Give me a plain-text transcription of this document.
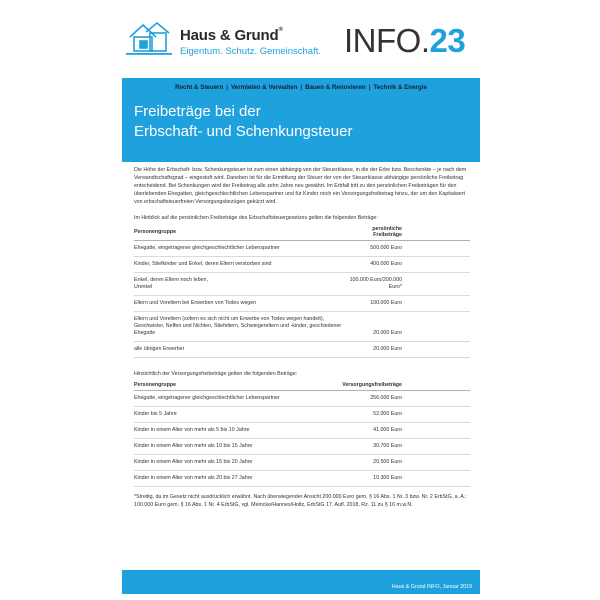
Haus & Grund®
Eigentum. Schutz. Gemeinschaft. INFO.23
Recht & Steuern | Vermieten & Verwalten | Bauen & Renovieren | Technik & Energie
Freibeträge bei der
Erbschaft- und Schenkungsteuer

Die Höhe der Erbschaft- bzw. Schenkungsteuer ist zum einen abhängig von der Steuerklasse, in die der Erbe bzw. Beschenkte – je nach dem Verwandtschaftsgrad – eingestuft wird. Daneben ist für die Ermittlung der Steuer der von der Steuerklasse abhängige persönliche Freibetrag entscheidend. Bei Schenkungen wird der Freibetrag alle zehn Jahre neu gewährt. Im Erbfall tritt zu den persönlichen Freibeträgen für den überlebenden Ehegatten, gleichgeschlechtlichen Lebenspartner und für Kinder noch ein Versorgungsfreibetrag hinzu, der um den Kapitalwert von erbschaftsteuerfreien Versorgungsbezügen gekürzt wird.

Im Hinblick auf die persönlichen Freibeträge des Erbschaftsteuergesetzes gelten die folgenden Beträge:

Personengruppe	persönliche Freibeträge
Ehegatte, eingetragener gleichgeschlechtlicher Lebenspartner	500.000 Euro
Kinder, Stiefkinder und Enkel, deren Eltern verstorben sind	400.000 Euro
Enkel, deren Eltern noch leben,
Urenkel	100.000 Euro/200.000 Euro*
Eltern und Voreltern bei Erwerben von Todes wegen	100.000 Euro
Eltern und Voreltern (sofern es sich nicht um Erwerbe von Todes wegen handelt), Geschwister, Neffen und Nichten, Stiefeltern, Schwiegereltern und -kinder, geschiedener Ehegatte	20.000 Euro
alle übrigen Erwerber	20.000 Euro

Hinsichtlich der Versorgungsfreibeträge gelten die folgenden Beträge:

Personengruppe	Versorgungsfreibeträge
Ehegatte, eingetragener gleichgeschlechtlicher Lebenspartner	256.000 Euro
Kinder bis 5 Jahre	52.000 Euro
Kinder in einem Alter von mehr als 5 bis 10 Jahre	41.000 Euro
Kinder in einem Alter von mehr als 10 bis 15 Jahre	30.700 Euro
Kinder in einem Alter von mehr als 15 bis 20 Jahre	20.500 Euro
Kinder in einem Alter von mehr als 20 bis 27 Jahre	10.300 Euro
*Streitig, da im Gesetz nicht ausdrücklich erwähnt. Nach überwiegender Ansicht 200.000 Euro gem. § 16 Abs. 1 Nr. 3 bzw. Nr. 2 ErbStG, a. A.: 100.000 Euro gem. § 16 Abs. 1 Nr. 4 ErbStG, vgl. Meincke/Hannes/Holtz, ErbStG 17. Aufl. 2018, Rz. 11 zu § 16 m.w.N.
Haus & Grund INFO, Januar 2019
